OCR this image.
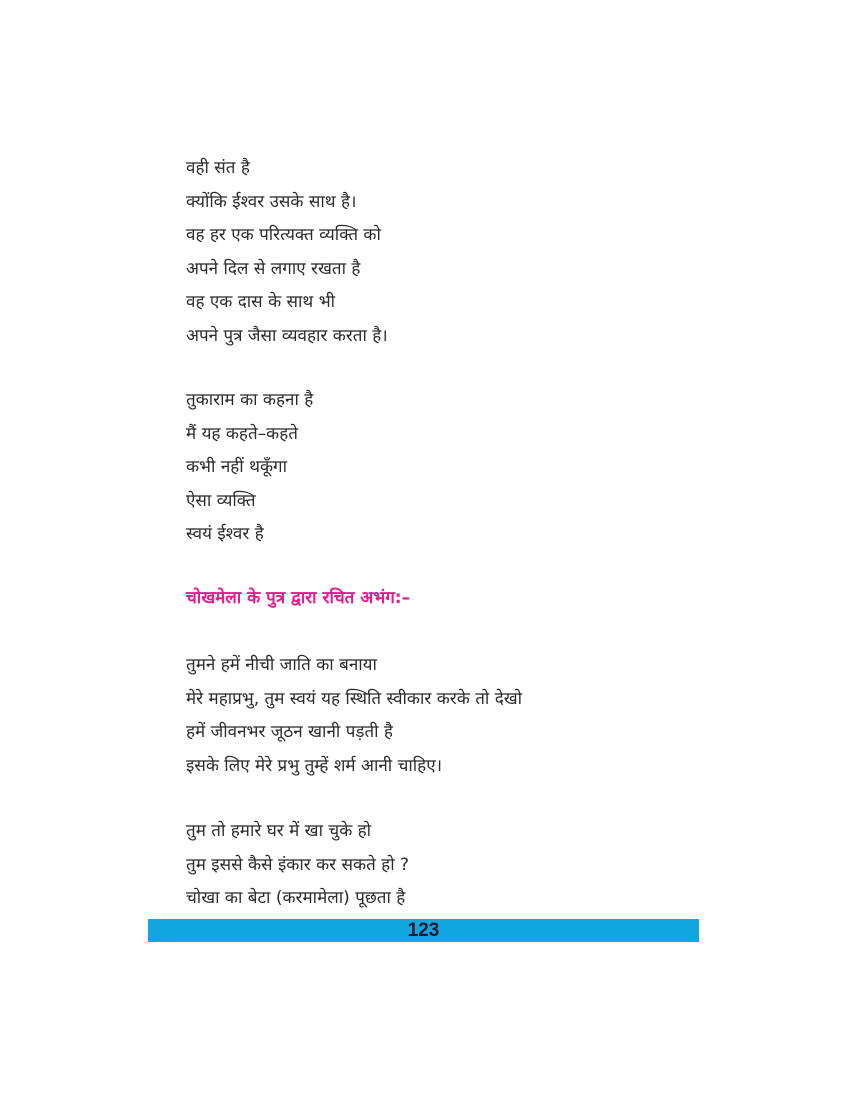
वही संत है
क्योंकि ईश्वर उसके साथ है।
वह हर एक परित्यक्त व्यक्ति को
अपने दिल से लगाए रखता है
वह एक दास के साथ भी
अपने पुत्र जैसा व्यवहार करता है।
तुकाराम का कहना है
मैं यह कहते–कहते
कभी नहीं थकूँगा
ऐसा व्यक्ति
स्वयं ईश्वर है
चोखमेला के पुत्र द्वारा रचित अभंग:–
तुमने हमें नीची जाति का बनाया
मेरे महाप्रभु, तुम स्वयं यह स्थिति स्वीकार करके तो देखो
हमें जीवनभर जूठन खानी पड़ती है
इसके लिए मेरे प्रभु तुम्हें शर्म आनी चाहिए।
तुम तो हमारे घर में खा चुके हो
तुम इससे कैसे इंकार कर सकते हो ?
चोखा का बेटा (करमामेला) पूछता है
123
